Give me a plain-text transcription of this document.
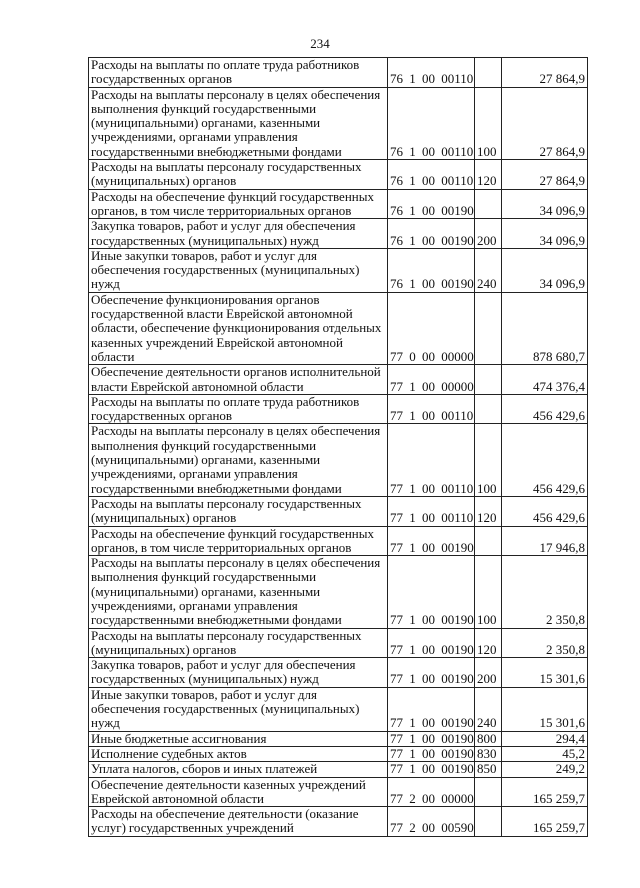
234
Расходы на выплаты по оплате труда работников государственных органов	76 1 00 00110		27 864,9
Расходы на выплаты персоналу в целях обеспечения выполнения функций государственными (муниципальными) органами, казенными учреждениями, органами управления государственными внебюджетными фондами	76 1 00 00110	100	27 864,9
Расходы на выплаты персоналу государственных (муниципальных) органов	76 1 00 00110	120	27 864,9
Расходы на обеспечение функций государственных органов, в том числе территориальных органов	76 1 00 00190		34 096,9
Закупка товаров, работ и услуг для обеспечения государственных (муниципальных) нужд	76 1 00 00190	200	34 096,9
Иные закупки товаров, работ и услуг для обеспечения государственных (муниципальных) нужд	76 1 00 00190	240	34 096,9
Обеспечение функционирования органов государственной власти Еврейской автономной области, обеспечение функционирования отдельных казенных учреждений Еврейской автономной области	77 0 00 00000		878 680,7
Обеспечение деятельности органов исполнительной власти Еврейской автономной области	77 1 00 00000		474 376,4
Расходы на выплаты по оплате труда работников государственных органов	77 1 00 00110		456 429,6
Расходы на выплаты персоналу в целях обеспечения выполнения функций государственными (муниципальными) органами, казенными учреждениями, органами управления государственными внебюджетными фондами	77 1 00 00110	100	456 429,6
Расходы на выплаты персоналу государственных (муниципальных) органов	77 1 00 00110	120	456 429,6
Расходы на обеспечение функций государственных органов, в том числе территориальных органов	77 1 00 00190		17 946,8
Расходы на выплаты персоналу в целях обеспечения выполнения функций государственными (муниципальными) органами, казенными учреждениями, органами управления государственными внебюджетными фондами	77 1 00 00190	100	2 350,8
Расходы на выплаты персоналу государственных (муниципальных) органов	77 1 00 00190	120	2 350,8
Закупка товаров, работ и услуг для обеспечения государственных (муниципальных) нужд	77 1 00 00190	200	15 301,6
Иные закупки товаров, работ и услуг для обеспечения государственных (муниципальных) нужд	77 1 00 00190	240	15 301,6
Иные бюджетные ассигнования	77 1 00 00190	800	294,4
Исполнение судебных актов	77 1 00 00190	830	45,2
Уплата налогов, сборов и иных платежей	77 1 00 00190	850	249,2
Обеспечение деятельности казенных учреждений Еврейской автономной области	77 2 00 00000		165 259,7
Расходы на обеспечение деятельности (оказание услуг) государственных учреждений	77 2 00 00590		165 259,7
